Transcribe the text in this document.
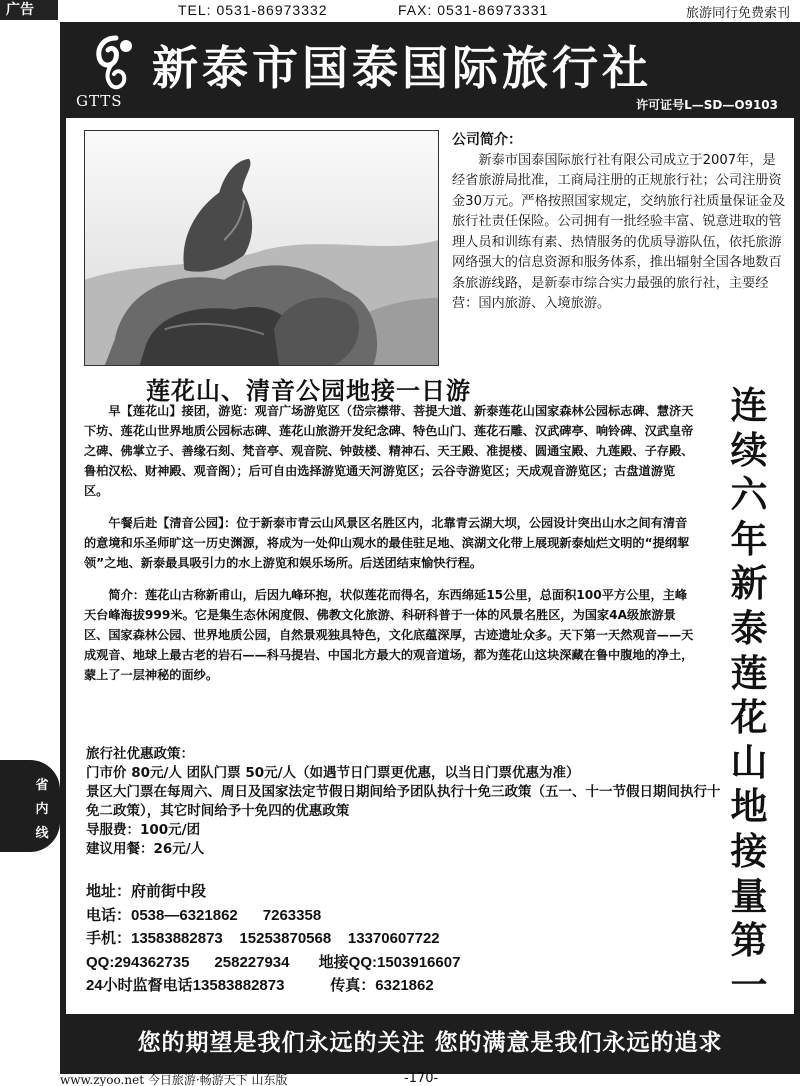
广告	TEL: 0531-86973332	FAX: 0531-86973331	旅游同行免费索刊
GTTS
新泰市国泰国际旅行社
许可证号L—SD—O9103
公司简介：
新泰市国泰国际旅行社有限公司成立于2007年，是经省旅游局批准，工商局注册的正规旅行社；公司注册资金30万元。严格按照国家规定，交纳旅行社质量保证金及旅行社责任保险。公司拥有一批经验丰富、锐意进取的管理人员和训练有素、热情服务的优质导游队伍，依托旅游网络强大的信息资源和服务体系，推出辐射全国各地数百条旅游线路，是新泰市综合实力最强的旅行社，主要经营：国内旅游、入境旅游。
莲花山、清音公园地接一日游
早【莲花山】接团，游览：观音广场游览区（岱宗襟带、菩提大道、新泰莲花山国家森林公园标志碑、慧济天下坊、莲花山世界地质公园标志碑、莲花山旅游开发纪念碑、特色山门、莲花石雕、汉武碑亭、响铃碑、汉武皇帝之碑、佛掌立子、善缘石刻、梵音亭、观音院、钟鼓楼、精神石、天王殿、准提楼、圆通宝殿、九莲殿、子存殿、鲁柏汉松、财神殿、观音阁）；后可自由选择游览通天河游览区；云谷寺游览区；天成观音游览区；古盘道游览区。
午餐后赴【清音公园】：位于新泰市青云山风景区名胜区内，北靠青云湖大坝，公园设计突出山水之间有清音的意境和乐圣师旷这一历史渊源，将成为一处仰山观水的最佳驻足地、滨湖文化带上展现新泰灿烂文明的“提纲挈领”之地、新泰最具吸引力的水上游览和娱乐场所。后送团结束愉快行程。
简介：莲花山古称新甫山，后因九峰环抱，状似莲花而得名，东西绵延15公里，总面积100平方公里，主峰天台峰海拔999米。它是集生态休闲度假、佛教文化旅游、科研科普于一体的风景名胜区，为国家4A级旅游景区、国家森林公园、世界地质公园，自然景观独具特色，文化底蕴深厚，古迹遗址众多。天下第一天然观音——天成观音、地球上最古老的岩石——科马提岩、中国北方最大的观音道场，都为莲花山这块深藏在鲁中腹地的净土，蒙上了一层神秘的面纱。
连
续
六
年
新
泰
莲
花
山
地
接
量
第
一
旅行社优惠政策：
门市价 80元/人 团队门票 50元/人（如遇节日门票更优惠，以当日门票优惠为准）
景区大门票在每周六、周日及国家法定节假日期间给予团队执行十免三政策（五一、十一节假日期间执行十免二政策），其它时间给予十免四的优惠政策
导服费：100元/团
建议用餐：26元/人
地址：府前街中段
电话：0538—6321862      7263358
手机：13583882873    15253870568    13370607722
QQ:294362735      258227934       地接QQ:1503916607
24小时监督电话13583882873           传真：6321862
您的期望是我们永远的关注 您的满意是我们永远的追求
省
内
线
www.zyoo.net 今日旅游·畅游天下 山东版	-170-
